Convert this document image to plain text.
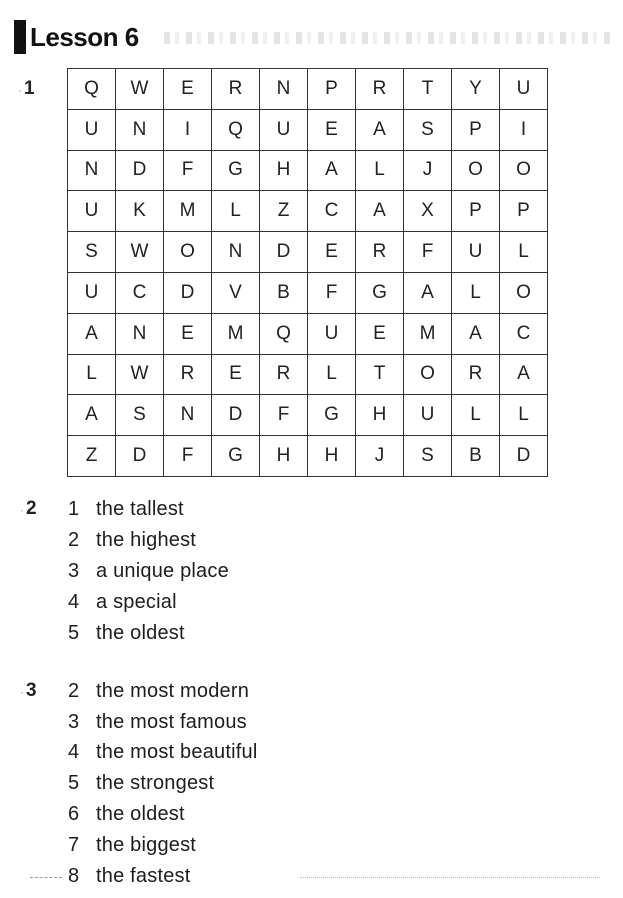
Lesson 6
· 1	Q	W	E	R	N	P	R	T	Y	U
U	N	I	Q	U	E	A	S	P	I
N	D	F	G	H	A	L	J	O	O
U	K	M	L	Z	C	A	X	P	P
S	W	O	N	D	E	R	F	U	L
U	C	D	V	B	F	G	A	L	O
A	N	E	M	Q	U	E	M	A	C
L	W	R	E	R	L	T	O	R	A
A	S	N	D	F	G	H	U	L	L
Z	D	F	G	H	H	J	S	B	D
· 2 1 the tallest
2 the highest
3 a unique place
4 a special
5 the oldest
· 3 2 the most modern
3 the most famous
4 the most beautiful
5 the strongest
6 the oldest
7 the biggest
8 the fastest
